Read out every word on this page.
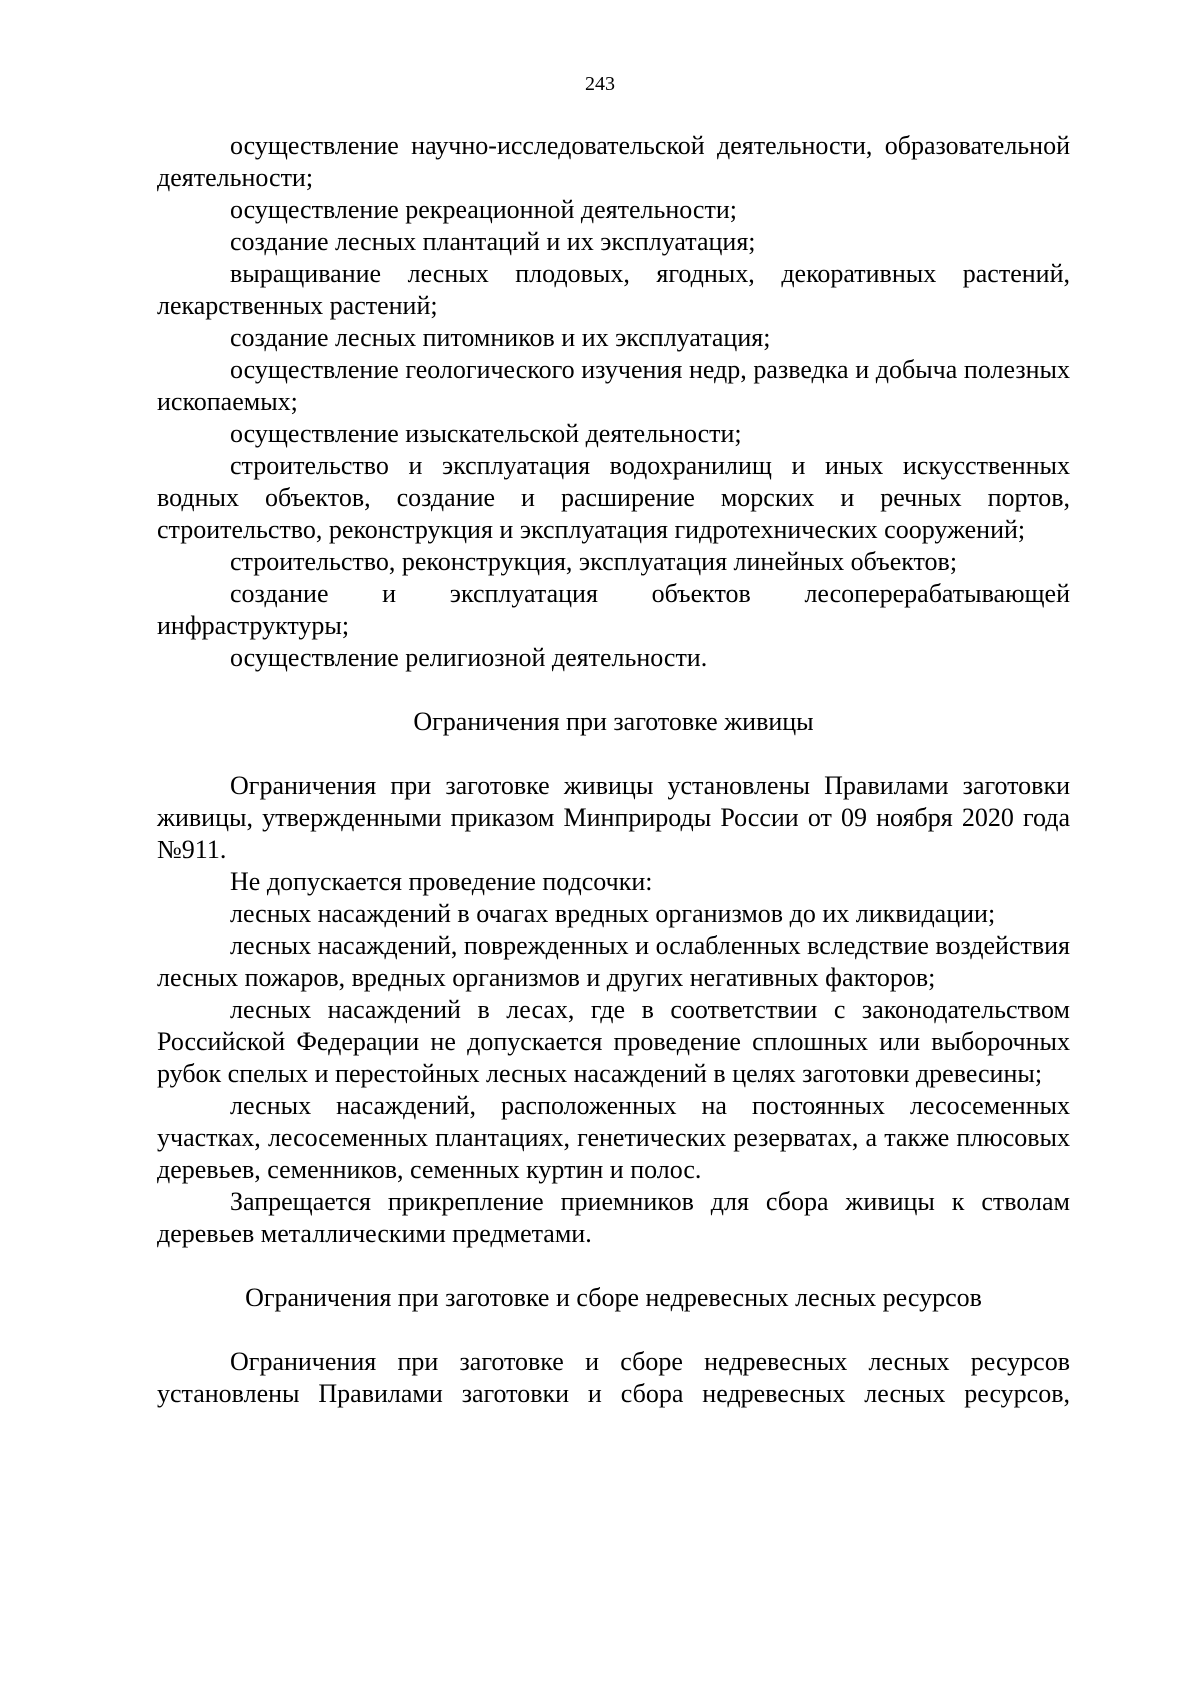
243

осуществление научно-исследовательской деятельности, образовательной деятельности;

осуществление рекреационной деятельности;

создание лесных плантаций и их эксплуатация;

выращивание лесных плодовых, ягодных, декоративных растений, лекарственных растений;

создание лесных питомников и их эксплуатация;

осуществление геологического изучения недр, разведка и добыча полезных ископаемых;

осуществление изыскательской деятельности;

строительство и эксплуатация водохранилищ и иных искусственных водных объектов, создание и расширение морских и речных портов, строительство, реконструкция и эксплуатация гидротехнических сооружений;

строительство, реконструкция, эксплуатация линейных объектов;

создание и эксплуатация объектов лесоперерабатывающей инфраструктуры;

осуществление религиозной деятельности.

Ограничения при заготовке живицы

Ограничения при заготовке живицы установлены Правилами заготовки живицы, утвержденными приказом Минприроды России от 09 ноября 2020 года №911.

Не допускается проведение подсочки:

лесных насаждений в очагах вредных организмов до их ликвидации;

лесных насаждений, поврежденных и ослабленных вследствие воздействия лесных пожаров, вредных организмов и других негативных факторов;

лесных насаждений в лесах, где в соответствии с законодательством Российской Федерации не допускается проведение сплошных или выборочных рубок спелых и перестойных лесных насаждений в целях заготовки древесины;

лесных насаждений, расположенных на постоянных лесосеменных участках, лесосеменных плантациях, генетических резерватах, а также плюсовых деревьев, семенников, семенных куртин и полос.

Запрещается прикрепление приемников для сбора живицы к стволам деревьев металлическими предметами.

Ограничения при заготовке и сборе недревесных лесных ресурсов

Ограничения при заготовке и сборе недревесных лесных ресурсов установлены Правилами заготовки и сбора недревесных лесных ресурсов,
